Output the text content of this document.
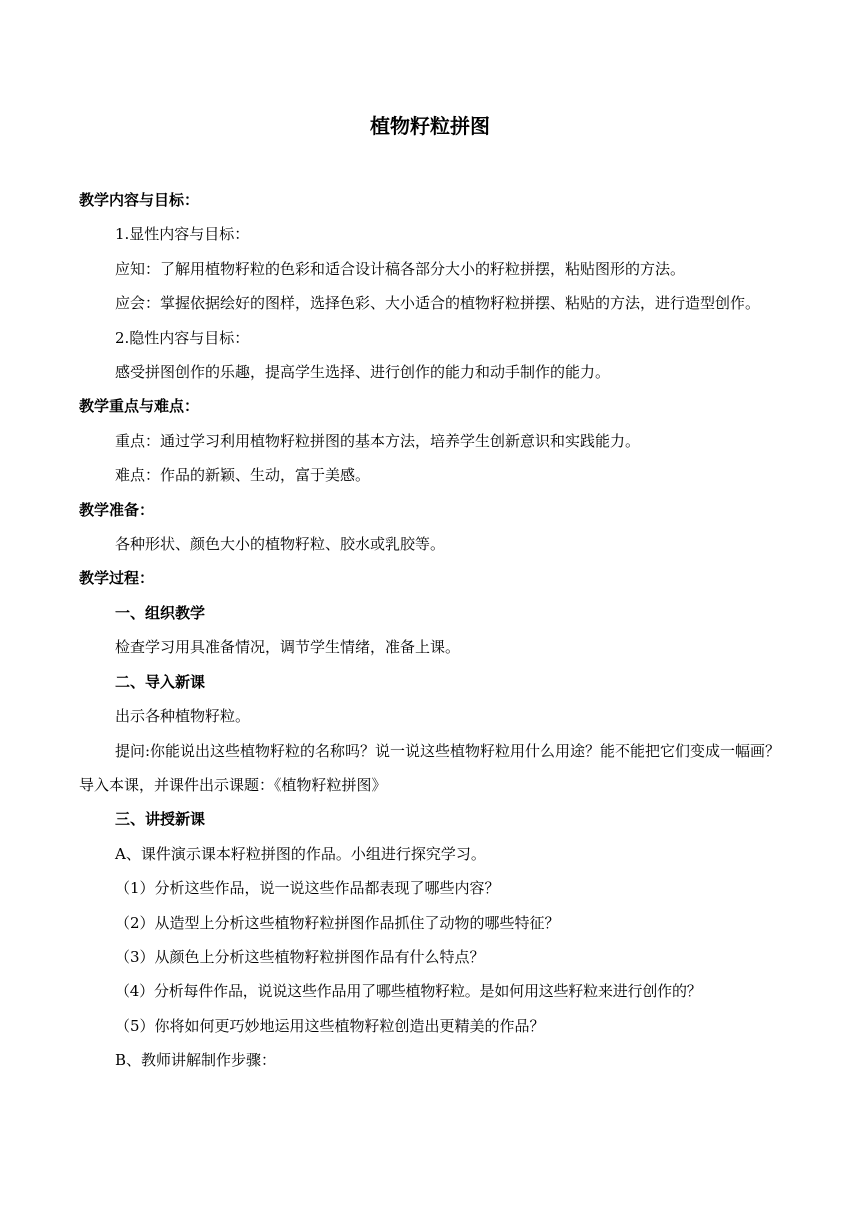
植物籽粒拼图
教学内容与目标：
1.显性内容与目标：
应知：了解用植物籽粒的色彩和适合设计稿各部分大小的籽粒拼摆，粘贴图形的方法。
应会：掌握依据绘好的图样，选择色彩、大小适合的植物籽粒拼摆、粘贴的方法，进行造型创作。
2.隐性内容与目标：
感受拼图创作的乐趣，提高学生选择、进行创作的能力和动手制作的能力。
教学重点与难点：
重点：通过学习利用植物籽粒拼图的基本方法，培养学生创新意识和实践能力。
难点：作品的新颖、生动，富于美感。
教学准备：
各种形状、颜色大小的植物籽粒、胶水或乳胶等。
教学过程：
一、组织教学
检查学习用具准备情况，调节学生情绪，准备上课。
二、导入新课
出示各种植物籽粒。
提问:你能说出这些植物籽粒的名称吗？说一说这些植物籽粒用什么用途？能不能把它们变成一幅画？导入本课，并课件出示课题：《植物籽粒拼图》
三、讲授新课
A、课件演示课本籽粒拼图的作品。小组进行探究学习。
（1）分析这些作品，说一说这些作品都表现了哪些内容？
（2）从造型上分析这些植物籽粒拼图作品抓住了动物的哪些特征？
（3）从颜色上分析这些植物籽粒拼图作品有什么特点？
（4）分析每件作品，说说这些作品用了哪些植物籽粒。是如何用这些籽粒来进行创作的？
（5）你将如何更巧妙地运用这些植物籽粒创造出更精美的作品？
B、教师讲解制作步骤：
